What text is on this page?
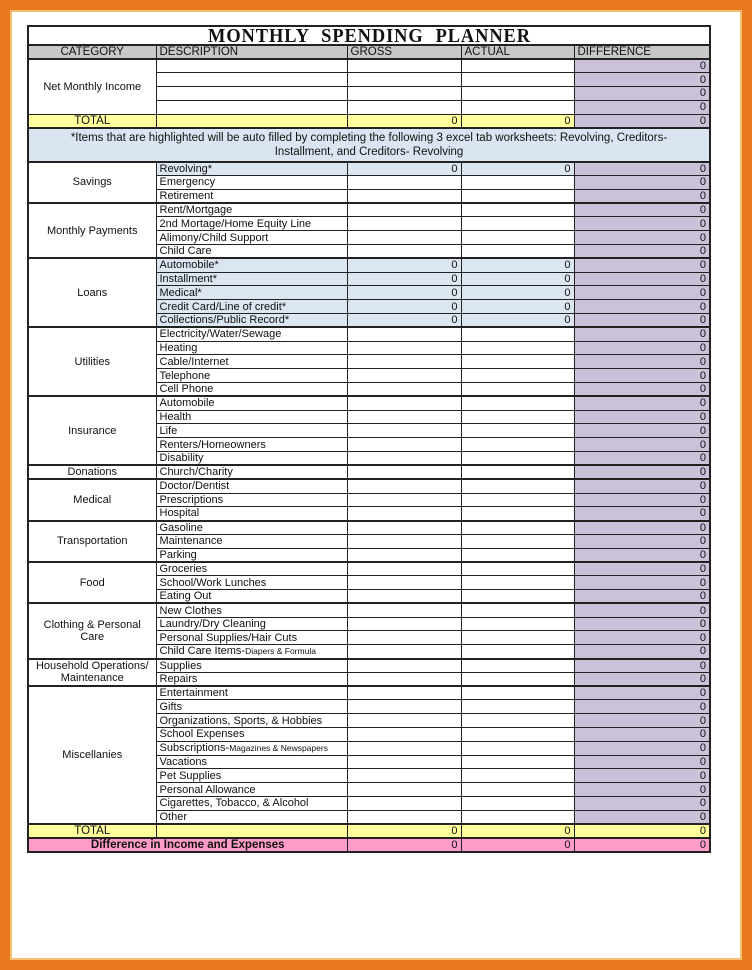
MONTHLY SPENDING PLANNER				
CATEGORY	DESCRIPTION	GROSS	ACTUAL	DIFFERENCE
Net Monthly Income				0
				0
				0
				0
TOTAL		0	0	0

*Items that are highlighted will be auto filled by completing the following 3 excel tab worksheets: Revolving, Creditors-
Installment, and Creditors- Revolving				

Savings	Revolving*	0	0	0
	Emergency			0
	Retirement			0
Monthly Payments	Rent/Mortgage			0
	2nd Mortage/Home Equity Line			0
	Alimony/Child Support			0
	Child Care			0
Loans	Automobile*	0	0	0
	Installment*	0	0	0
	Medical*	0	0	0
	Credit Card/Line of credit*	0	0	0
	Collections/Public Record*	0	0	0
Utilities	Electricity/Water/Sewage			0
	Heating			0
	Cable/Internet			0
	Telephone			0
	Cell Phone			0
Insurance	Automobile			0
	Health			0
	Life			0
	Renters/Homeowners			0
	Disability			0
Donations	Church/Charity			0
Medical	Doctor/Dentist			0
	Prescriptions			0
	Hospital			0
Transportation	Gasoline			0
	Maintenance			0
	Parking			0
Food	Groceries			0
	School/Work Lunches			0
	Eating Out			0
Clothing & Personal Care	New Clothes			0
	Laundry/Dry Cleaning			0
	Personal Supplies/Hair Cuts			0
	Child Care Items-Diapers & Formula			0
Household Operations/ Maintenance	Supplies			0
	Repairs			0
Miscellanies	Entertainment			0
	Gifts			0
	Organizations, Sports, & Hobbies			0
	School Expenses			0
	Subscriptions-Magazines & Newspapers			0
	Vacations			0
	Pet Supplies			0
	Personal Allowance			0
	Cigarettes, Tobacco, & Alcohol			0
	Other			0
TOTAL		0	0	0
Difference in Income and Expenses		0	0	0
